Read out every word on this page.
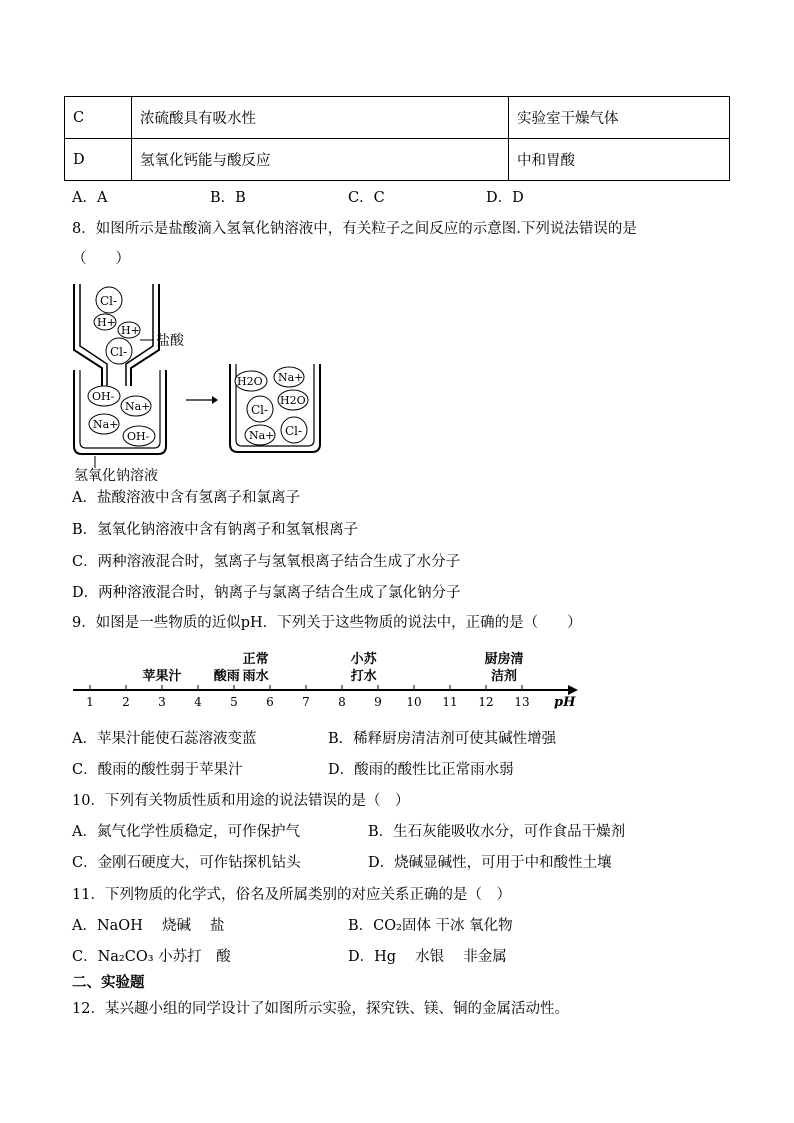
C	浓硫酸具有吸水性	实验室干燥气体
D	氢氧化钙能与酸反应	中和胃酸
A．A	B．B	C．C	D．D
8．如图所示是盐酸滴入氢氧化钠溶液中，有关粒子之间反应的示意图.下列说法错误的是
（　　）
Cl-
H+
H+
Cl-
盐酸
OH-
Na+
Na+
OH-
氢氧化钠溶液
H2O Na+
Cl-
H2O
Na+ Cl-
A．盐酸溶液中含有氢离子和氯离子
B．氢氧化钠溶液中含有钠离子和氢氧根离子
C．两种溶液混合时，氢离子与氢氧根离子结合生成了水分子
D．两种溶液混合时，钠离子与氯离子结合生成了氯化钠分子
9．如图是一些物质的近似pH．下列关于这些物质的说法中，正确的是（　　）
苹果汁 酸雨
正常
雨水
小苏
打水
厨房清
洁剂
1 2 3 4 5 6 7 8 9 10 11 12 13 pH
A．苹果汁能使石蕊溶液变蓝	B．稀释厨房清洁剂可使其碱性增强
C．酸雨的酸性弱于苹果汁	D．酸雨的酸性比正常雨水弱
10．下列有关物质性质和用途的说法错误的是（　）
A．氮气化学性质稳定，可作保护气	B．生石灰能吸收水分，可作食品干燥剂
C．金刚石硬度大，可作钻探机钻头	D．烧碱显碱性，可用于中和酸性土壤
11．下列物质的化学式，俗名及所属类别的对应关系正确的是（　）
A．NaOH　 烧碱　 盐	B．CO₂固体 干冰 氧化物
C．Na₂CO₃ 小苏打　酸	D．Hg　 水银　 非金属
二、实验题
12．某兴趣小组的同学设计了如图所示实验，探究铁、镁、铜的金属活动性。
